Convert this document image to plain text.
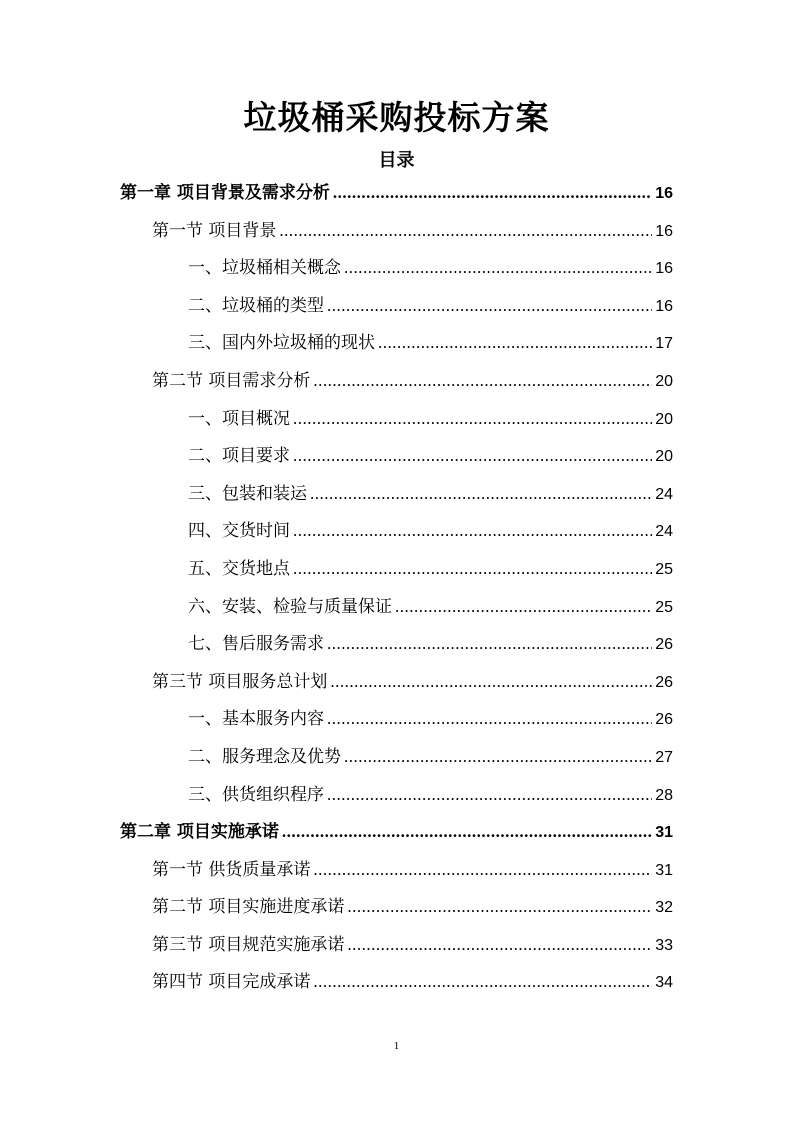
垃圾桶采购投标方案
目录
第一章 项目背景及需求分析 .....	16
第一节 项目背景 .....	16
一、垃圾桶相关概念 .....	16
二、垃圾桶的类型 .....	16
三、国内外垃圾桶的现状 .....	17
第二节 项目需求分析 .....	20
一、项目概况 .....	20
二、项目要求 .....	20
三、包装和装运 .....	24
四、交货时间 .....	24
五、交货地点 .....	25
六、安装、检验与质量保证 .....	25
七、售后服务需求 .....	26
第三节 项目服务总计划 .....	26
一、基本服务内容 .....	26
二、服务理念及优势 .....	27
三、供货组织程序 .....	28
第二章 项目实施承诺 .....	31
第一节 供货质量承诺 .....	31
第二节 项目实施进度承诺 .....	32
第三节 项目规范实施承诺 .....	33
第四节 项目完成承诺 .....	34
1
